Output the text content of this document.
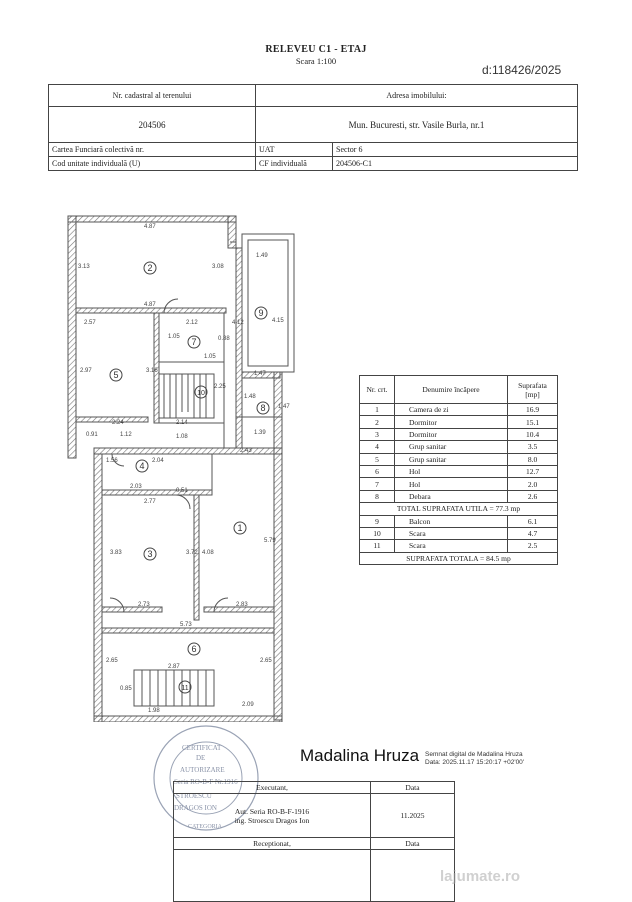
RELEVEU C1 - ETAJ
Scara 1:100
d:118426/2025
Nr. cadastral al terenului	Adresa imobilului:	
204506	Mun. Bucuresti, str. Vasile Burla, nr.1	
Cartea Funciară colectivă nr.	UAT	Sector 6
Cod unitate individuală (U)	CF individuală	204506-C1
4.87
3.13	3.08
4.87
1.49
4.15
2.57	2.12
1.05
4.12
0.88
1.05
2.97	3.16
2.25
1.47
1.48
1.47
0.91
2.24
1.12
2.14
1.08
1.39
2.43
1.56	2.04
2.03
0.51
2.77
3.83	3.72 4.08
5.79
2.73	2.83
5.73
2.65
2.87
2.65
0.85
2.09
1.98
2
9
7
5
10
8
4
1
3
6
11
Nr. crt.	Denumire încăpere	Suprafata [mp]
1	Camera de zi	16.9
2	Dormitor	15.1
3	Dormitor	10.4
4	Grup sanitar	3.5
5	Grup sanitar	8.0
6	Hol	12.7
7	Hol	2.0
8	Debara	2.6
TOTAL SUPRAFATA UTILA = 77.3 mp		
9	Balcon	6.1
10	Scara	4.7
11	Scara	2.5
SUPRAFATA TOTALA = 84.5 mp		
CERTIFICAT
DE
AUTORIZARE
Seria RO-B-F Nr.1916
STROESCU
DRAGOS ION
CATEGORIA
Madalina Hruza Semnat digital de Madalina Hruza
Data: 2025.11.17 15:20:17 +02'00'
Executant,	Data

Aut. Seria RO-B-F-1916
ing. Stroescu Dragos Ion	11.2025
Receptionat,	Data

lajumate.ro
